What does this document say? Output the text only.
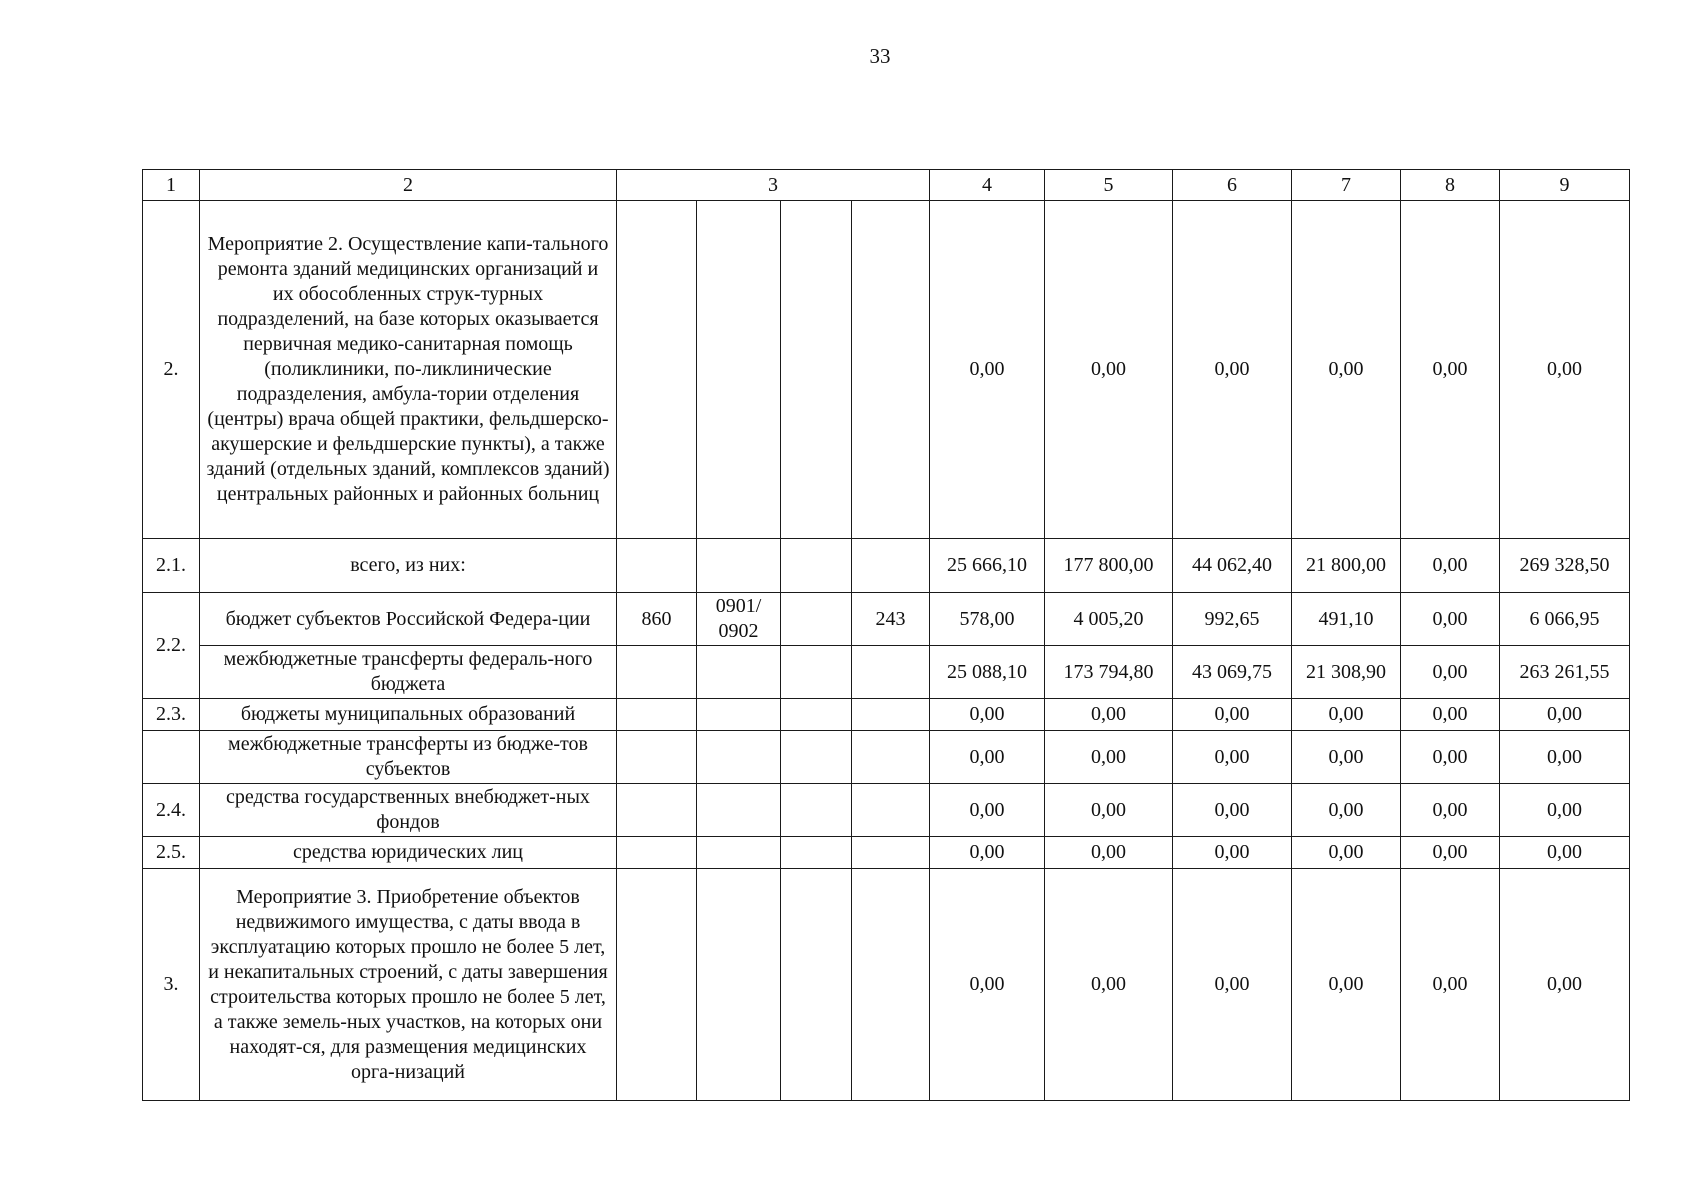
33
1	2	3				4	5	6	7	8	9
2.	Мероприятие 2. Осуществление капи-тального ремонта зданий медицинских организаций и их обособленных струк-турных подразделений, на базе которых оказывается первичная медико-санитарная помощь (поликлиники, по-ликлинические подразделения, амбула-тории отделения (центры) врача общей практики, фельдшерско-акушерские и фельдшерские пункты), а также зданий (отдельных зданий, комплексов зданий) центральных районных и районных больниц					0,00	0,00	0,00	0,00	0,00	0,00
2.1.	всего, из них:					25 666,10	177 800,00	44 062,40	21 800,00	0,00	269 328,50
2.2.	бюджет субъектов Российской Федера-ции	860	0901/ 0902		243	578,00	4 005,20	992,65	491,10	0,00	6 066,95
	межбюджетные трансферты федераль-ного бюджета					25 088,10	173 794,80	43 069,75	21 308,90	0,00	263 261,55
2.3.	бюджеты муниципальных образований					0,00	0,00	0,00	0,00	0,00	0,00
	межбюджетные трансферты из бюдже-тов субъектов					0,00	0,00	0,00	0,00	0,00	0,00
2.4.	средства государственных внебюджет-ных фондов					0,00	0,00	0,00	0,00	0,00	0,00
2.5.	средства юридических лиц					0,00	0,00	0,00	0,00	0,00	0,00
3.	Мероприятие 3. Приобретение объектов недвижимого имущества, с даты ввода в эксплуатацию которых прошло не более 5 лет, и некапитальных строений, с даты завершения строительства которых прошло не более 5 лет, а также земель-ных участков, на которых они находят-ся, для размещения медицинских орга-низаций					0,00	0,00	0,00	0,00	0,00	0,00
